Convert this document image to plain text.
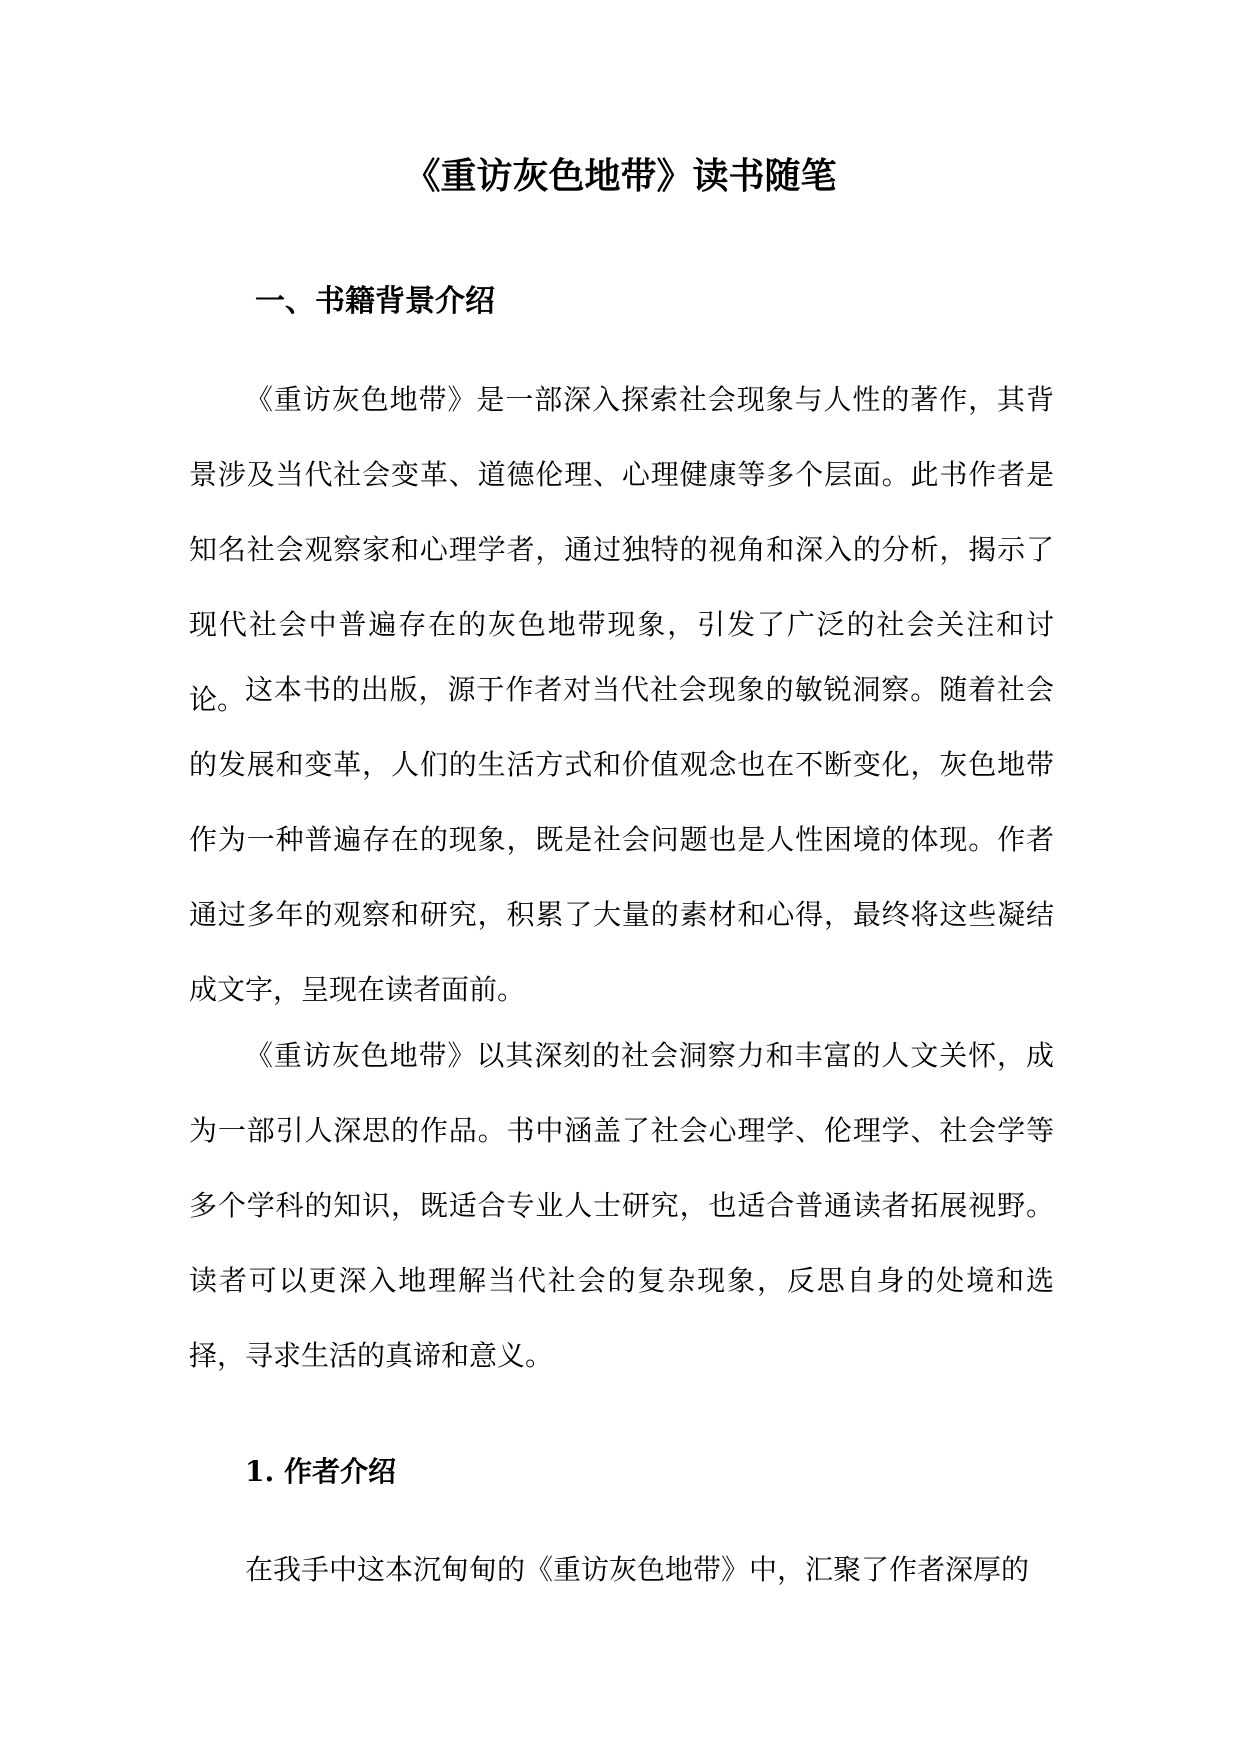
《重访灰色地带》读书随笔
一、书籍背景介绍

《重访灰色地带》是一部深入探索社会现象与人性的著作，其背景涉及当代社会变革、道德伦理、心理健康等多个层面。此书作者是知名社会观察家和心理学者，通过独特的视角和深入的分析，揭示了现代社会中普遍存在的灰色地带现象，引发了广泛的社会关注和讨论。 这本书的出版，源于作者对当代社会现象的敏锐洞察。随着社会的发展和变革，人们的生活方式和价值观念也在不断变化，灰色地带作为一种普遍存在的现象，既是社会问题也是人性困境的体现。作者通过多年的观察和研究，积累了大量的素材和心得，最终将这些凝结成文字，呈现在读者面前。

《重访灰色地带》以其深刻的社会洞察力和丰富的人文关怀，成为一部引人深思的作品。书中涵盖了社会心理学、伦理学、社会学等多个学科的知识，既适合专业人士研究，也适合普通读者拓展视野。读者可以更深入地理解当代社会的复杂现象，反思自身的处境和选择，寻求生活的真谛和意义。

1. 作者介绍

在我手中这本沉甸甸的《重访灰色地带》中，汇聚了作者深厚的
